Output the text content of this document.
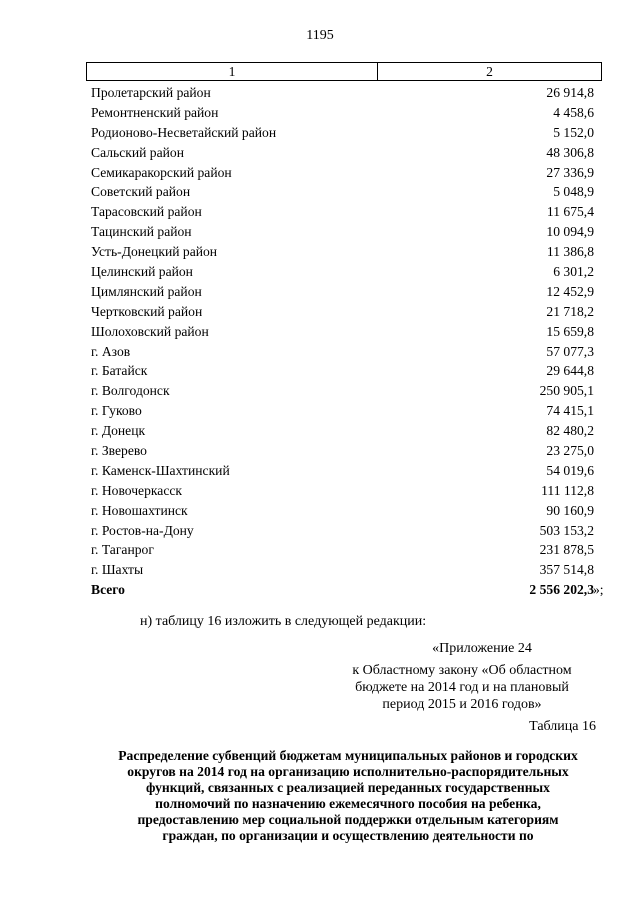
1195
1	2
Пролетарский район	26 914,8
Ремонтненский район	4 458,6
Родионово-Несветайский район	5 152,0
Сальский район	48 306,8
Семикаракорский район	27 336,9
Советский район	5 048,9
Тарасовский район	11 675,4
Тацинский район	10 094,9
Усть-Донецкий район	11 386,8
Целинский район	6 301,2
Цимлянский район	12 452,9
Чертковский район	21 718,2
Шолоховский район	15 659,8
г. Азов	57 077,3
г. Батайск	29 644,8
г. Волгодонск	250 905,1
г. Гуково	74 415,1
г. Донецк	82 480,2
г. Зверево	23 275,0
г. Каменск-Шахтинский	54 019,6
г. Новочеркасск	111 112,8
г. Новошахтинск	90 160,9
г. Ростов-на-Дону	503 153,2
г. Таганрог	231 878,5
г. Шахты	357 514,8
Всего	2 556 202,3 »;
н) таблицу 16 изложить в следующей редакции:
«Приложение 24
к Областному закону «Об областном
бюджете на 2014 год и на плановый
период 2015 и 2016 годов»
Таблица 16
Распределение субвенций бюджетам муниципальных районов и городских
округов на 2014 год на организацию исполнительно-распорядительных
функций, связанных с реализацией переданных государственных
полномочий по назначению ежемесячного пособия на ребенка,
предоставлению мер социальной поддержки отдельным категориям
граждан, по организации и осуществлению деятельности по
